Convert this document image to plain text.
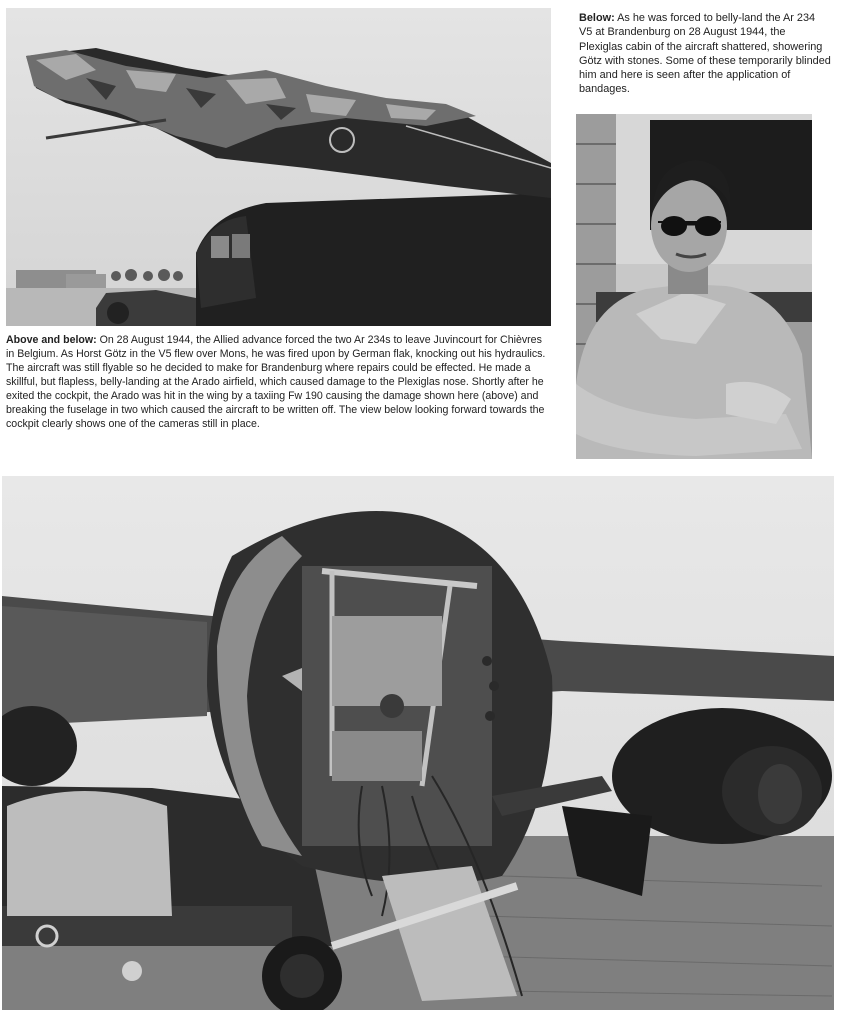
Below: As he was forced to belly-land the Ar 234 V5 at Brandenburg on 28 August 1944, the Plexiglas cabin of the aircraft shattered, showering Götz with stones. Some of these temporarily blinded him and here is seen after the application of bandages.

Above and below: On 28 August 1944, the Allied advance forced the two Ar 234s to leave Juvincourt for Chièvres in Belgium. As Horst Götz in the V5 flew over Mons, he was fired upon by German flak, knocking out his hydraulics. The aircraft was still flyable so he decided to make for Brandenburg where repairs could be effected. He made a skillful, but flapless, belly-landing at the Arado airfield, which caused damage to the Plexiglas nose. Shortly after he exited the cockpit, the Arado was hit in the wing by a taxiing Fw 190 causing the damage shown here (above) and breaking the fuselage in two which caused the aircraft to be written off. The view below looking forward towards the cockpit clearly shows one of the cameras still in place.
